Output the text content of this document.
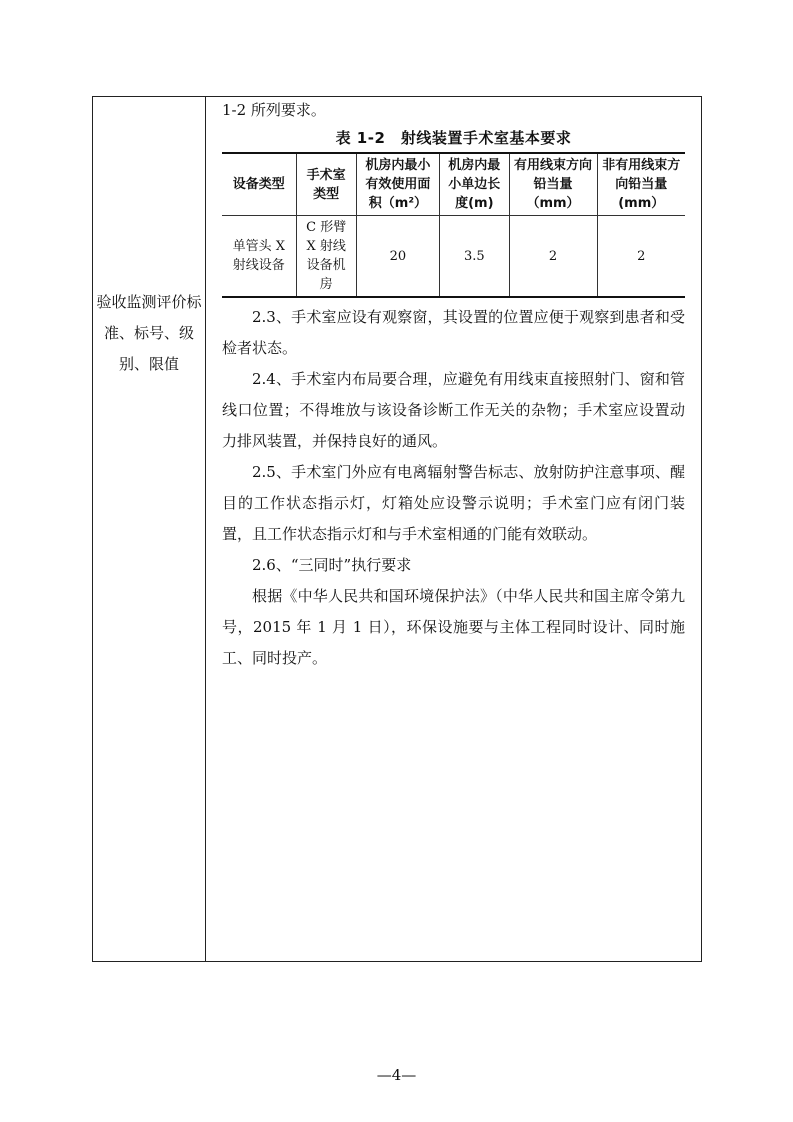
验收监测评价标准、标号、级别、限值

1-2 所列要求。

表 1-2　射线装置手术室基本要求
设备类型	手术室类型	机房内最小有效使用面积（m²）	机房内最小单边长度(m)	有用线束方向铅当量（mm）	非有用线束方向铅当量(mm）
单管头 X 射线设备	C 形臂 X 射线设备机房	20	3.5	2	2

2.3、手术室应设有观察窗，其设置的位置应便于观察到患者和受检者状态。

2.4、手术室内布局要合理，应避免有用线束直接照射门、窗和管线口位置；不得堆放与该设备诊断工作无关的杂物；手术室应设置动力排风装置，并保持良好的通风。

2.5、手术室门外应有电离辐射警告标志、放射防护注意事项、醒目的工作状态指示灯，灯箱处应设警示说明；手术室门应有闭门装置，且工作状态指示灯和与手术室相通的门能有效联动。

2.6、“三同时”执行要求

根据《中华人民共和国环境保护法》（中华人民共和国主席令第九号，2015 年 1 月 1 日），环保设施要与主体工程同时设计、同时施工、同时投产。

—4—
